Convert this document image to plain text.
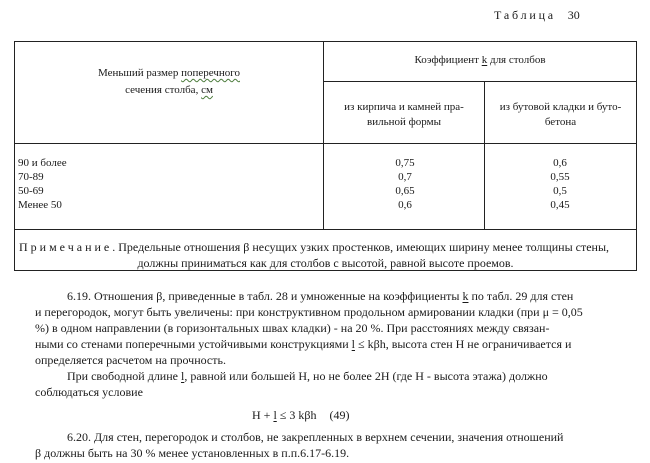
Таблица 30
Меньший размер поперечного
сечения столба, см
Коэффициент k для столбов
из кирпича и камней пра-
вильной формы
из бутовой кладки и буто-
бетона
90 и более	0,75	0,6
70-89	0,7	0,55
50-69	0,65	0,5
Менее 50	0,6	0,45
Примечание. Предельные отношения β несущих узких простенков, имеющих ширину менее толщины стены,
должны приниматься как для столбов с высотой, равной высоте проемов.
6.19. Отношения β, приведенные в табл. 28 и умноженные на коэффициенты k по табл. 29 для стен
и перегородок, могут быть увеличены: при конструктивном продольном армировании кладки (при μ = 0,05
%) в одном направлении (в горизонтальных швах кладки) - на 20 %. При расстояниях между связан-
ными со стенами поперечными устойчивыми конструкциями l ≤ kβh, высота стен Н не ограничивается и
определяется расчетом на прочность.
При свободной длине l, равной или большей Н, но не более 2Н (где Н - высота этажа) должно
соблюдаться условие
H + l ≤ 3 kβh (49)
6.20. Для стен, перегородок и столбов, не закрепленных в верхнем сечении, значения отношений
β должны быть на 30 % менее установленных в п.п.6.17-6.19.
